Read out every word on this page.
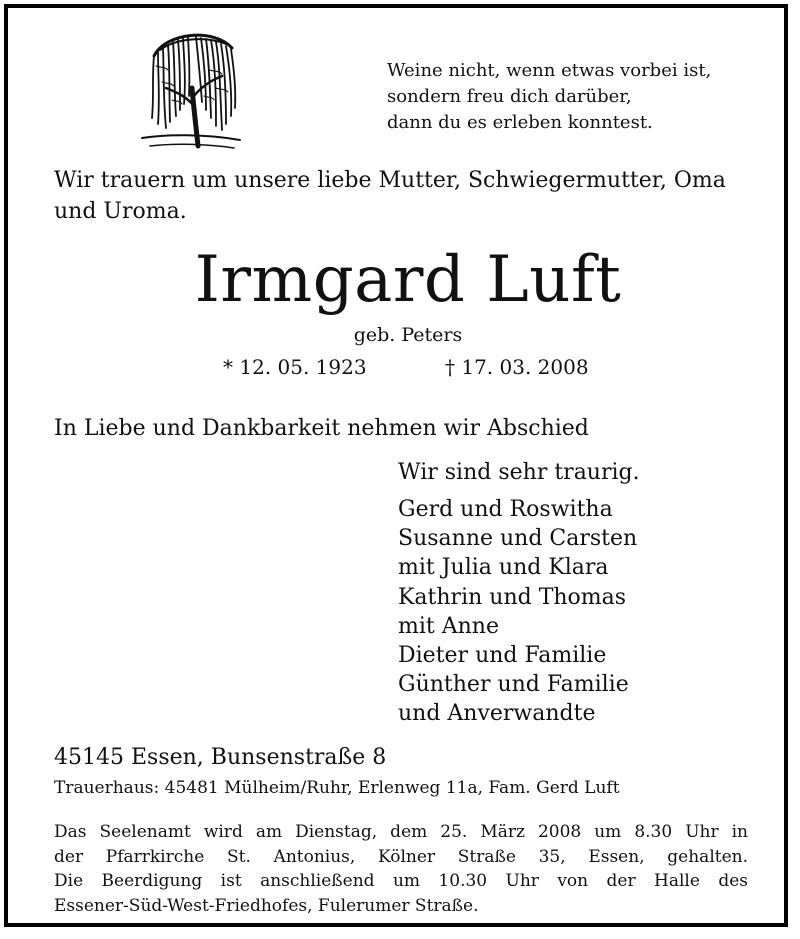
Weine nicht, wenn etwas vorbei ist,
sondern freu dich darüber,
dann du es erleben konntest.
Wir trauern um unsere liebe Mutter, Schwiegermutter, Oma und Uroma.
Irmgard Luft
geb. Peters
* 12. 05. 1923	† 17. 03. 2008
In Liebe und Dankbarkeit nehmen wir Abschied
Wir sind sehr traurig.
Gerd und Roswitha
Susanne und Carsten
mit Julia und Klara
Kathrin und Thomas
mit Anne
Dieter und Familie
Günther und Familie
und Anverwandte
45145 Essen, Bunsenstraße 8
Trauerhaus: 45481 Mülheim/Ruhr, Erlenweg 11a, Fam. Gerd Luft
Das Seelenamt wird am Dienstag, dem 25. März 2008 um 8.30 Uhr in
der Pfarrkirche St. Antonius, Kölner Straße 35, Essen, gehalten.
Die Beerdigung ist anschließend um 10.30 Uhr von der Halle des
Essener-Süd-West-Friedhofes, Fulerumer Straße.
